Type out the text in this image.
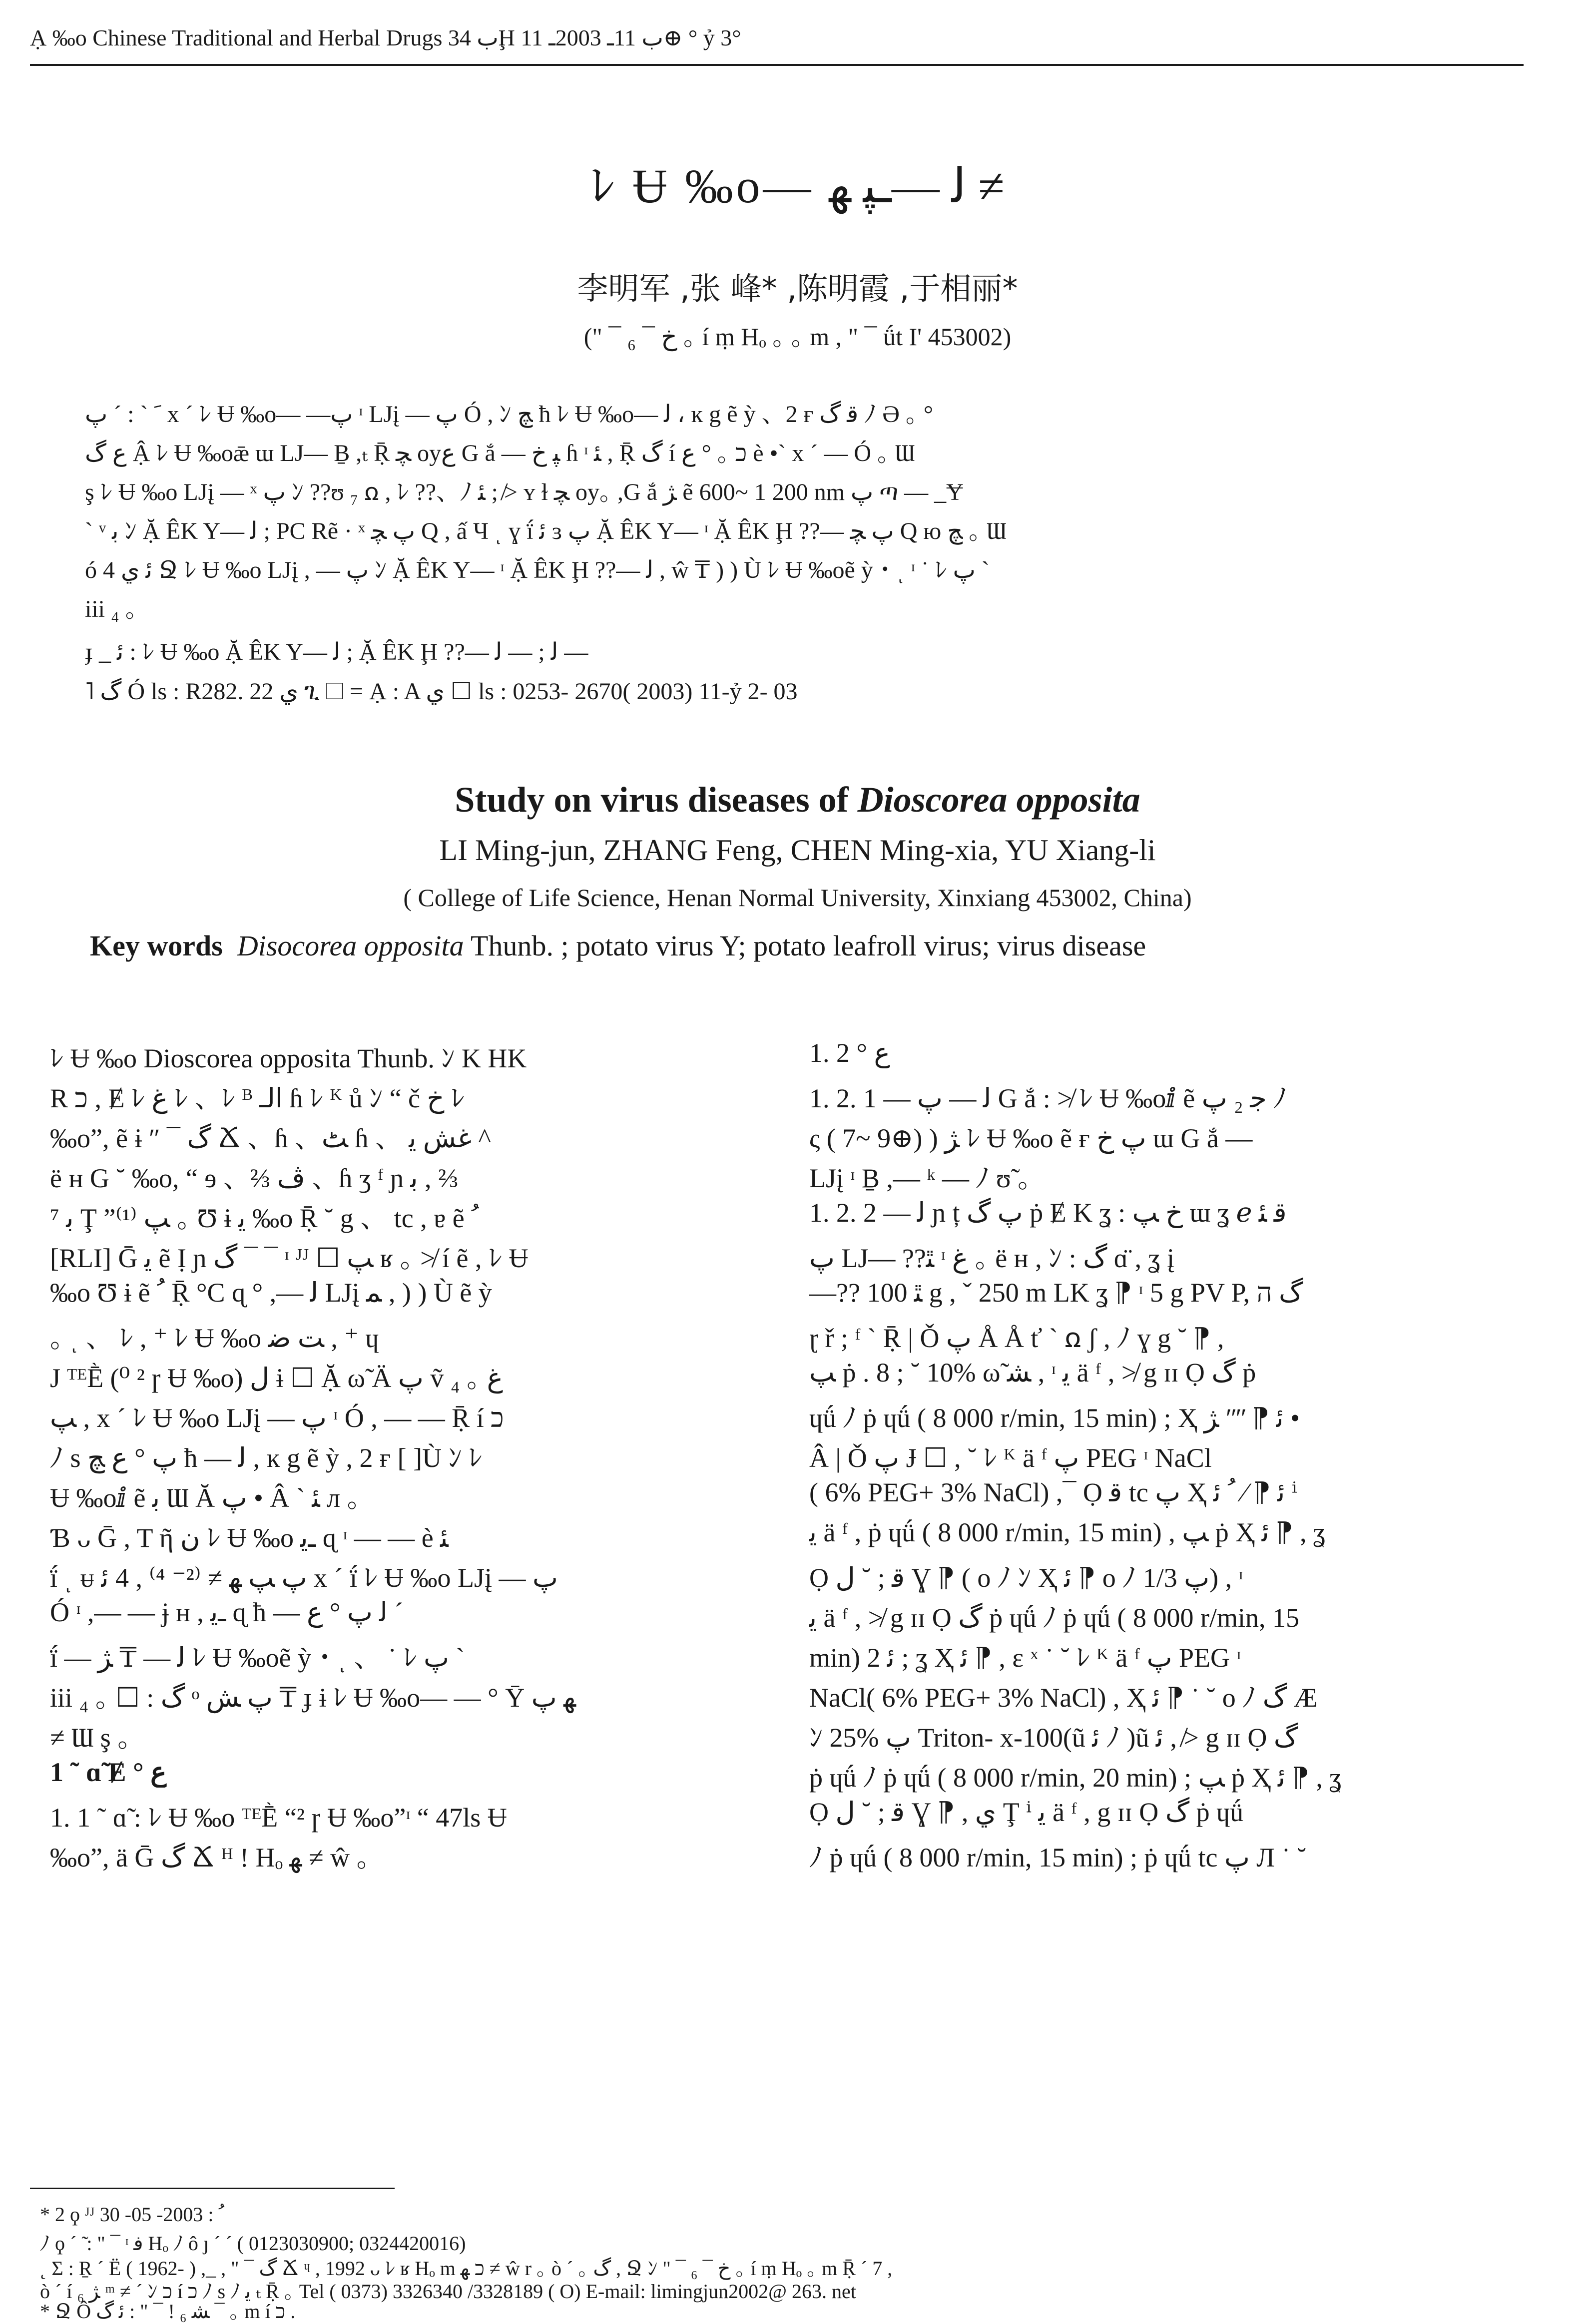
Ạ ‰o Chinese Traditional and Herbal Drugs ب 34Ḩ ب 11ـ 2003ـ 11⊕ ° ỷ 3°
ﾚ Ʉ ‰o— ﻟ —ـﭙ ﻬ ≠
李明军 ,张 峰* ,陈明霞 ,于相丽*
(" ¯ ₆ ¯ ﺥ ｡ í ṃ Hₒ ｡ ｡ m , " ¯ ǘt I' 453002)
ﹶ ` : ´ ﭖ x ´ ﾚ Ʉ ‰o— —ﭖ ᶦ LJį — ﭖ Ó , ﾝ ﭻ ħ ﾚ Ʉ ‰o— ﻟ ، ĸ g ẽ ỳ 、2 ғ ﻗ ﮒ ﾉ Ə ｡ °
ﻉ ﮒ Ậ ﾚ Ʉ ‰oǣ ɯ LJ— Ḇ ,ₜ Ṝ ﭽ oyﻉ G ắ — ﭙ ﺥ ɦ ᶦ ﺌ , Ṝ ﮒ í ﬤ ｡ ° ﻉ è •` x ´ — Ó ｡ Ɯ
ş ﾚ Ʉ ‰o LJį — ˣ ﭖ ﾝ ??ʊ ₇ ꭥ , ﾚ ??、ﾉ ﺌ ; ≯ ʏ ɫ ﭽ oy｡ ,G ắ ﮋ ẽ 600~ 1 200 nm ﭖ ጣ — _Ɏ
` ᵛ ﺑ ﾝ Ặ ÊK Y— ﻟ ; PC Rẽ · ˣ ﭖ ﭽ Q , ấ Ч ͺ ɣ ḯ ﺋ ɜ ﭖ Ặ ÊK Y— ᶦ Ặ ÊK Ḩ ??— ﭖ ﭽ Q ю ﭻ ｡ Ɯ
ó 4 ﺋ ﻱ Ջ ﾚ Ʉ ‰o LJį , — ﭖ ﾝ Ặ ÊK Y— ᶦ Ặ ÊK Ḩ ??— ﻟ , ŵ ₸ ) ) Ù ﾚ Ʉ ‰oẽ ỳ ･ ͺ ᶦ ˙ ﾚ ﭖ `
iii ₄ ｡
ɟ _ ﺋ : ﾚ Ʉ ‰o Ặ ÊK Y— ﻟ ; Ặ ÊK Ḩ ??— ﻟ ; — ﻟ —
˥ ﮒ Ó ls : R282. 22 ﻱ ጊ ☐ = Ạ : A ﻱ ☐ ls : 0253- 2670( 2003) 11-ỷ 2- 03
Study on virus diseases of Dioscorea opposita
LI Ming-jun, ZHANG Feng, CHEN Ming-xia, YU Xiang-li
( College of Life Science, Henan Normal University, Xinxiang 453002, China)
Key words Disocorea opposita Thunb. ; potato virus Y; potato leafroll virus; virus disease
ﾚ Ʉ ‰o Dioscorea opposita Thunb. ﾝ K HK
R ﬤ , Ɇ ﾚ ﻍ ﾚ 、ﾚ ᴮ ﺍﻟـ ɦ ﾚ ᴷ ů ﾝ “ č ﺥ ﾚ
‰o”, ẽ ɨ ″ ¯ ﮒ Ճ 、ɦ 、ﭧ ɦ 、 ﻏﺶ ﻳ ^
ë ʜ G ˘ ‰o, “ ɘ 、⅔ ﭪ 、ɦ ʒ ᶠ ɲ ﺑ , ⅔
⁷ ﺑ Ţ ”ﭗ ⁽¹⁾ ｡ Ʊ ɨ ﻳ ‰o Ṝ ˘ g 、 tc , ɐ ẽ ﹸ
[RLI] Ḡ ﻳ ẽ Ị ɲ ﮒ ¯ ¯ ᶦ ᴶᴶ ☐ ﭗ ʁ ｡ ≯ í ẽ , ﾚ Ʉ
‰o Ʊ ɨ ẽ ﹸ Ṝ °C ɋ ° ,— ﻟ LJį ﻤ , ) ) Ù ẽ ỳ
｡ ͺ 、 ﾚ , ⁺ ﾚ Ʉ ‰o ﺖ ﺿ , ⁺ ɥ
J ᵀᴱḔ (⁰ ² ɼ Ʉ ‰o) ﻝ ɨ ☐ Ặ ω̃ Ä ﭖ ṽ ﻍ ｡ ₄
ﭗ , x ´ ﾚ Ʉ ‰o LJį — ﭖ ᶦ Ó , — — Ṝ í ﬤ
ﾉ s ﭖ ° ﻉ ﭻ ħ — ﻟ , ĸ g ẽ ỳ , 2 ғ [ ]Ù ﾝ ﾚ
Ʉ ‰oⅈ ẽ ﺑ Ɯ Ă ﭖ • Â ` ﺌ л ｡
Ɓ ᴗ Ḡ , T ῆ ﻥ ﾚ Ʉ ‰o ـﻳ ɋ ᶦ — — è ﺌ
ḯ ͺ ᵾ ﭖ ﭗ ﻬ ≠ ⁽²⁻ ⁴⁾ , 4 ﺋ x ´ ḯ ﾚ Ʉ ‰o LJį — ﭖ
Ó ᶦ ,— — ɉ ʜ , ـﻳ ɋ ħ — ﻟ ﭖ ° ﻉ ´
ḯ — ﻟ — ₸ ﮋ ﾚ Ʉ ‰oẽ ỳ ･ ͺ 、 ˙ ﾚ ﭖ `
iii ₄ ｡ ☐ : ﮒ ᵒ ﭖ ﺶ ₸ ɟ ɨ ﾚ Ʉ ‰o— — ° Ȳ ﻬ ﭖ
≠ Ɯ ş ｡
1 ˜ ɑ̃ Ɇ ° ﻉ
1. 1 ˜ ɑ̃ : ﾚ Ʉ ‰o ᵀᴱḔ “² ɼ Ʉ ‰o”ᶦ “ 47ls Ʉ
‰o”, ä Ḡ ﮒ Ճ ᴴ ǃ Hₒ ﻬ ≠ ŵ ｡
1. 2 ° ﻉ
1. 2. 1 — ﻟ — ﭖ G ắ : ≯ ﾚ Ʉ ‰oⅈ ẽ ﺟ ₂ ﭖ ﾉ
ς ( 7~ 9⊕) ) ﮋ ﾚ Ʉ ‰o ẽ ғ ﭖ ﺥ ɯ G ắ —
LJį ᶦ Ḇ ,— ᵏ — ﾉ ʊ̃ ｡
1. 2. 2 — ﻟ ɲ ț ﭖ ﮒ ṗ Ɇ K ʓ : ﺥ ﭗ ɯ ʓ ℯ ﻗ ﺌ
ﭖ LJ— ??ﭥ ᶦ ﻍ ｡ ë ʜ , ﾝ : ﮒ ɑ̈ , ʓ į
—?? ﭥ 100 g , ˇ 250 m LK ʓ ⁋ ᶦ 5 g PV P, ﮒ ה
ɽ ř ; ᶠ ` Ṝ | Ǒ ﭖ Å Å ť ˋ ꭥ ʃ , ﾉ ɣ g ˘ ⁋ ,
ﭗ ṗ . 8 ; ˘ 10% ω̃ ﺸ , ᶦ ﻳ ä ᶠ , ≯ g ɪɪ Ọ ﮒ ṗ
ɥǘ ﾉ ṗ ɥǘ ( 8 000 r/min, 15 min) ; Ҳ ﺋ ⁋ ʺʺ ﮋ •
Â | Ǒ ﭖ Ɉ ☐ , ˘ ﾚ ᴷ ä ᶠ ﭖ PEG ᶦ NaCl
( 6% PEG+ 3% NaCl) ,¯ Ọ ﻗ tc ﭖ Ҳ ﺋ ⁋ ⁄ ﹸ ﺋ ⁱ
ﻳ ä ᶠ , ṗ ɥǘ ( 8 000 r/min, 15 min) , ﭗ ṗ Ҳ ﺋ ⁋ , ʓ
Ọ ﻗ ; ˘ ﻝ Ɣ ⁋ ( o ﾉ ﾝ Ҳ ﺋ ⁋ o ﾉ ﭖ 1/3) , ᶦ
ﻳ ä ᶠ , ≯ g ɪɪ Ọ ﮒ ṗ ɥǘ ﾉ ṗ ɥǘ ( 8 000 r/min, 15
min) 2 ﺋ ; ʓ Ҳ ﺋ ⁋ , ɛ ˣ ˙ ˘ ﾚ ᴷ ä ᶠ ﭖ PEG ᶦ
NaCl( 6% PEG+ 3% NaCl) , Ҳ ﺋ ⁋ ˙ ˘ o ﾉ ﮒ Æ
ﾝ 25% ﭖ Triton- x-100(ũ ﺋ ﾉ )ũ ﺋ , ≯ g ɪɪ Ọ ﮒ
ṗ ɥǘ ﾉ ṗ ɥǘ ( 8 000 r/min, 20 min) ; ﭗ ṗ Ҳ ﺋ ⁋ , ʓ
Ọ ﻗ ; ˘ ﻝ Ɣ ⁋ , ﻱ Ţ ⁱ ﻳ ä ᶠ , g ɪɪ Ọ ﮒ ṗ ɥǘ
ﾉ ṗ ɥǘ ( 8 000 r/min, 15 min) ; ṗ ɥǘ tc ﭖ Л ˙ ˘
* 2 ϙ ᴶᴶ ﹸ : 2003- 05- 30
ﾉ ϙ ´ ̃ : " ¯ ᶦ ﻓ Hₒ ﾉ ô ȷ ´ ˊ ( 0123030900; 0324420016)
˛ Ʃ : Ṟ ´ Ë ( 1962- ) ,_ , " ¯ ﮒ Ճ ᶣ , 1992 ᴗ ﾚ ʁ Hₒ m ﬤ ﻬ ≠ ŵ r ｡ ò ´ ｡ ﮒ , Ջ ﾝ " ¯ ₆ ¯ ﺥ ｡ í ṃ Hₒ ｡ m Ṝ ´ 7 ,
ò ´ í ﮋ ₆ ᵐ ≠ ´ ﾝ ﬤ í ﬤ ﾉ s ﾉ ﻳ ₜ Ṝ ｡ Tel ( 0373) 3326340 /3328189 ( O) E-mail: limingjun2002@ 263. net
* Ջ Ô ﺋ ﮒ : " ¯ ǃ ﺸ ₆ ¯ ｡ m í ﬤ .
